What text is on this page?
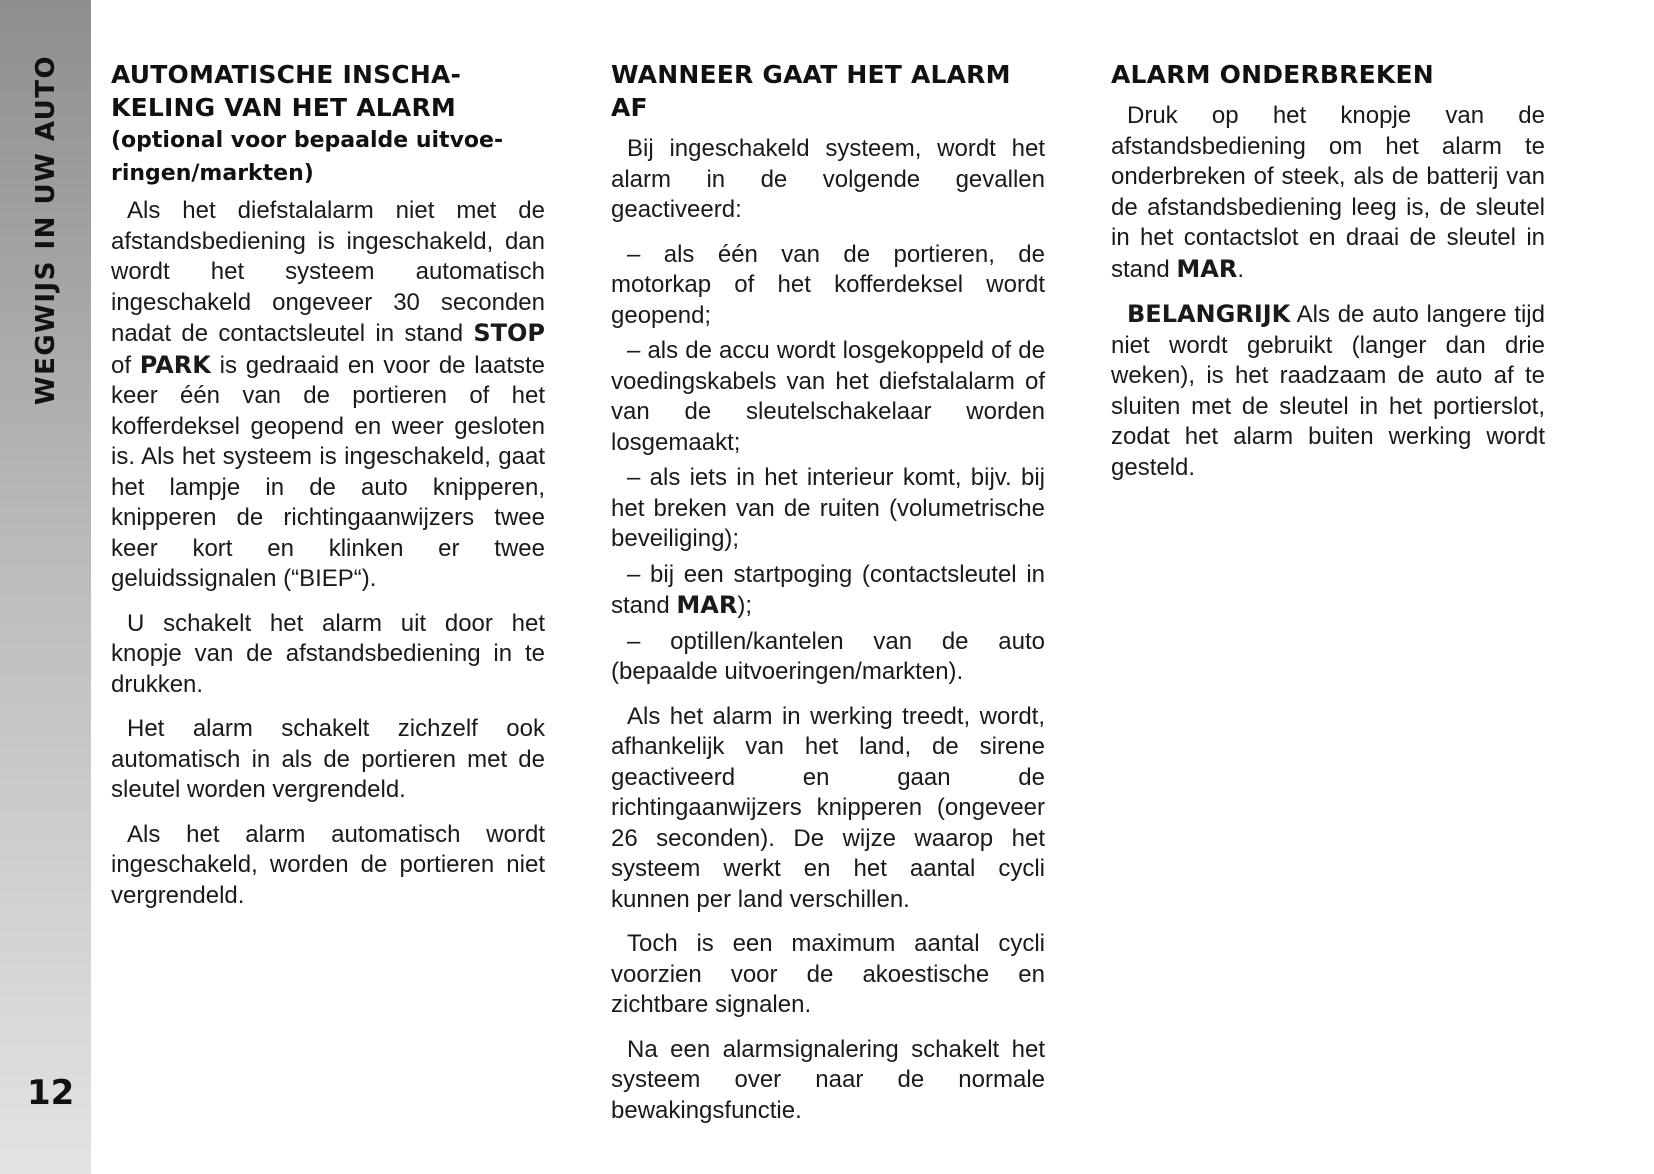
WEGWIJS IN UW AUTO
12
AUTOMATISCHE INSCHA-
KELING VAN HET ALARM
(optional voor bepaalde uitvoe-
ringen/markten)

Als het diefstalalarm niet met de afstandsbediening is ingeschakeld, dan wordt het systeem automatisch ingeschakeld ongeveer 30 seconden nadat de contactsleutel in stand STOP of PARK is gedraaid en voor de laatste keer één van de portieren of het kofferdeksel geopend en weer gesloten is. Als het systeem is ingeschakeld, gaat het lampje in de auto knipperen, knipperen de richtingaanwijzers twee keer kort en klinken er twee geluidssignalen (“BIEP“).

U schakelt het alarm uit door het knopje van de afstandsbediening in te drukken.

Het alarm schakelt zichzelf ook automatisch in als de portieren met de sleutel worden vergrendeld.

Als het alarm automatisch wordt ingeschakeld, worden de portieren niet vergrendeld.

WANNEER GAAT HET ALARM AF

Bij ingeschakeld systeem, wordt het alarm in de volgende gevallen geactiveerd:

– als één van de portieren, de motorkap of het kofferdeksel wordt geopend;

– als de accu wordt losgekoppeld of de voedingskabels van het diefstalalarm of van de sleutelschakelaar worden losgemaakt;

– als iets in het interieur komt, bijv. bij het breken van de ruiten (volumetrische beveiliging);

– bij een startpoging (contactsleutel in stand MAR);

– optillen/kantelen van de auto (bepaalde uitvoeringen/markten).

Als het alarm in werking treedt, wordt, afhankelijk van het land, de sirene geactiveerd en gaan de richtingaanwijzers knipperen (ongeveer 26 seconden). De wijze waarop het systeem werkt en het aantal cycli kunnen per land verschillen.

Toch is een maximum aantal cycli voorzien voor de akoestische en zichtbare signalen.

Na een alarmsignalering schakelt het systeem over naar de normale bewakingsfunctie.

ALARM ONDERBREKEN

Druk op het knopje van de afstandsbediening om het alarm te onderbreken of steek, als de batterij van de afstandsbediening leeg is, de sleutel in het contactslot en draai de sleutel in stand MAR.

BELANGRIJK Als de auto langere tijd niet wordt gebruikt (langer dan drie weken), is het raadzaam de auto af te sluiten met de sleutel in het portierslot, zodat het alarm buiten werking wordt gesteld.
